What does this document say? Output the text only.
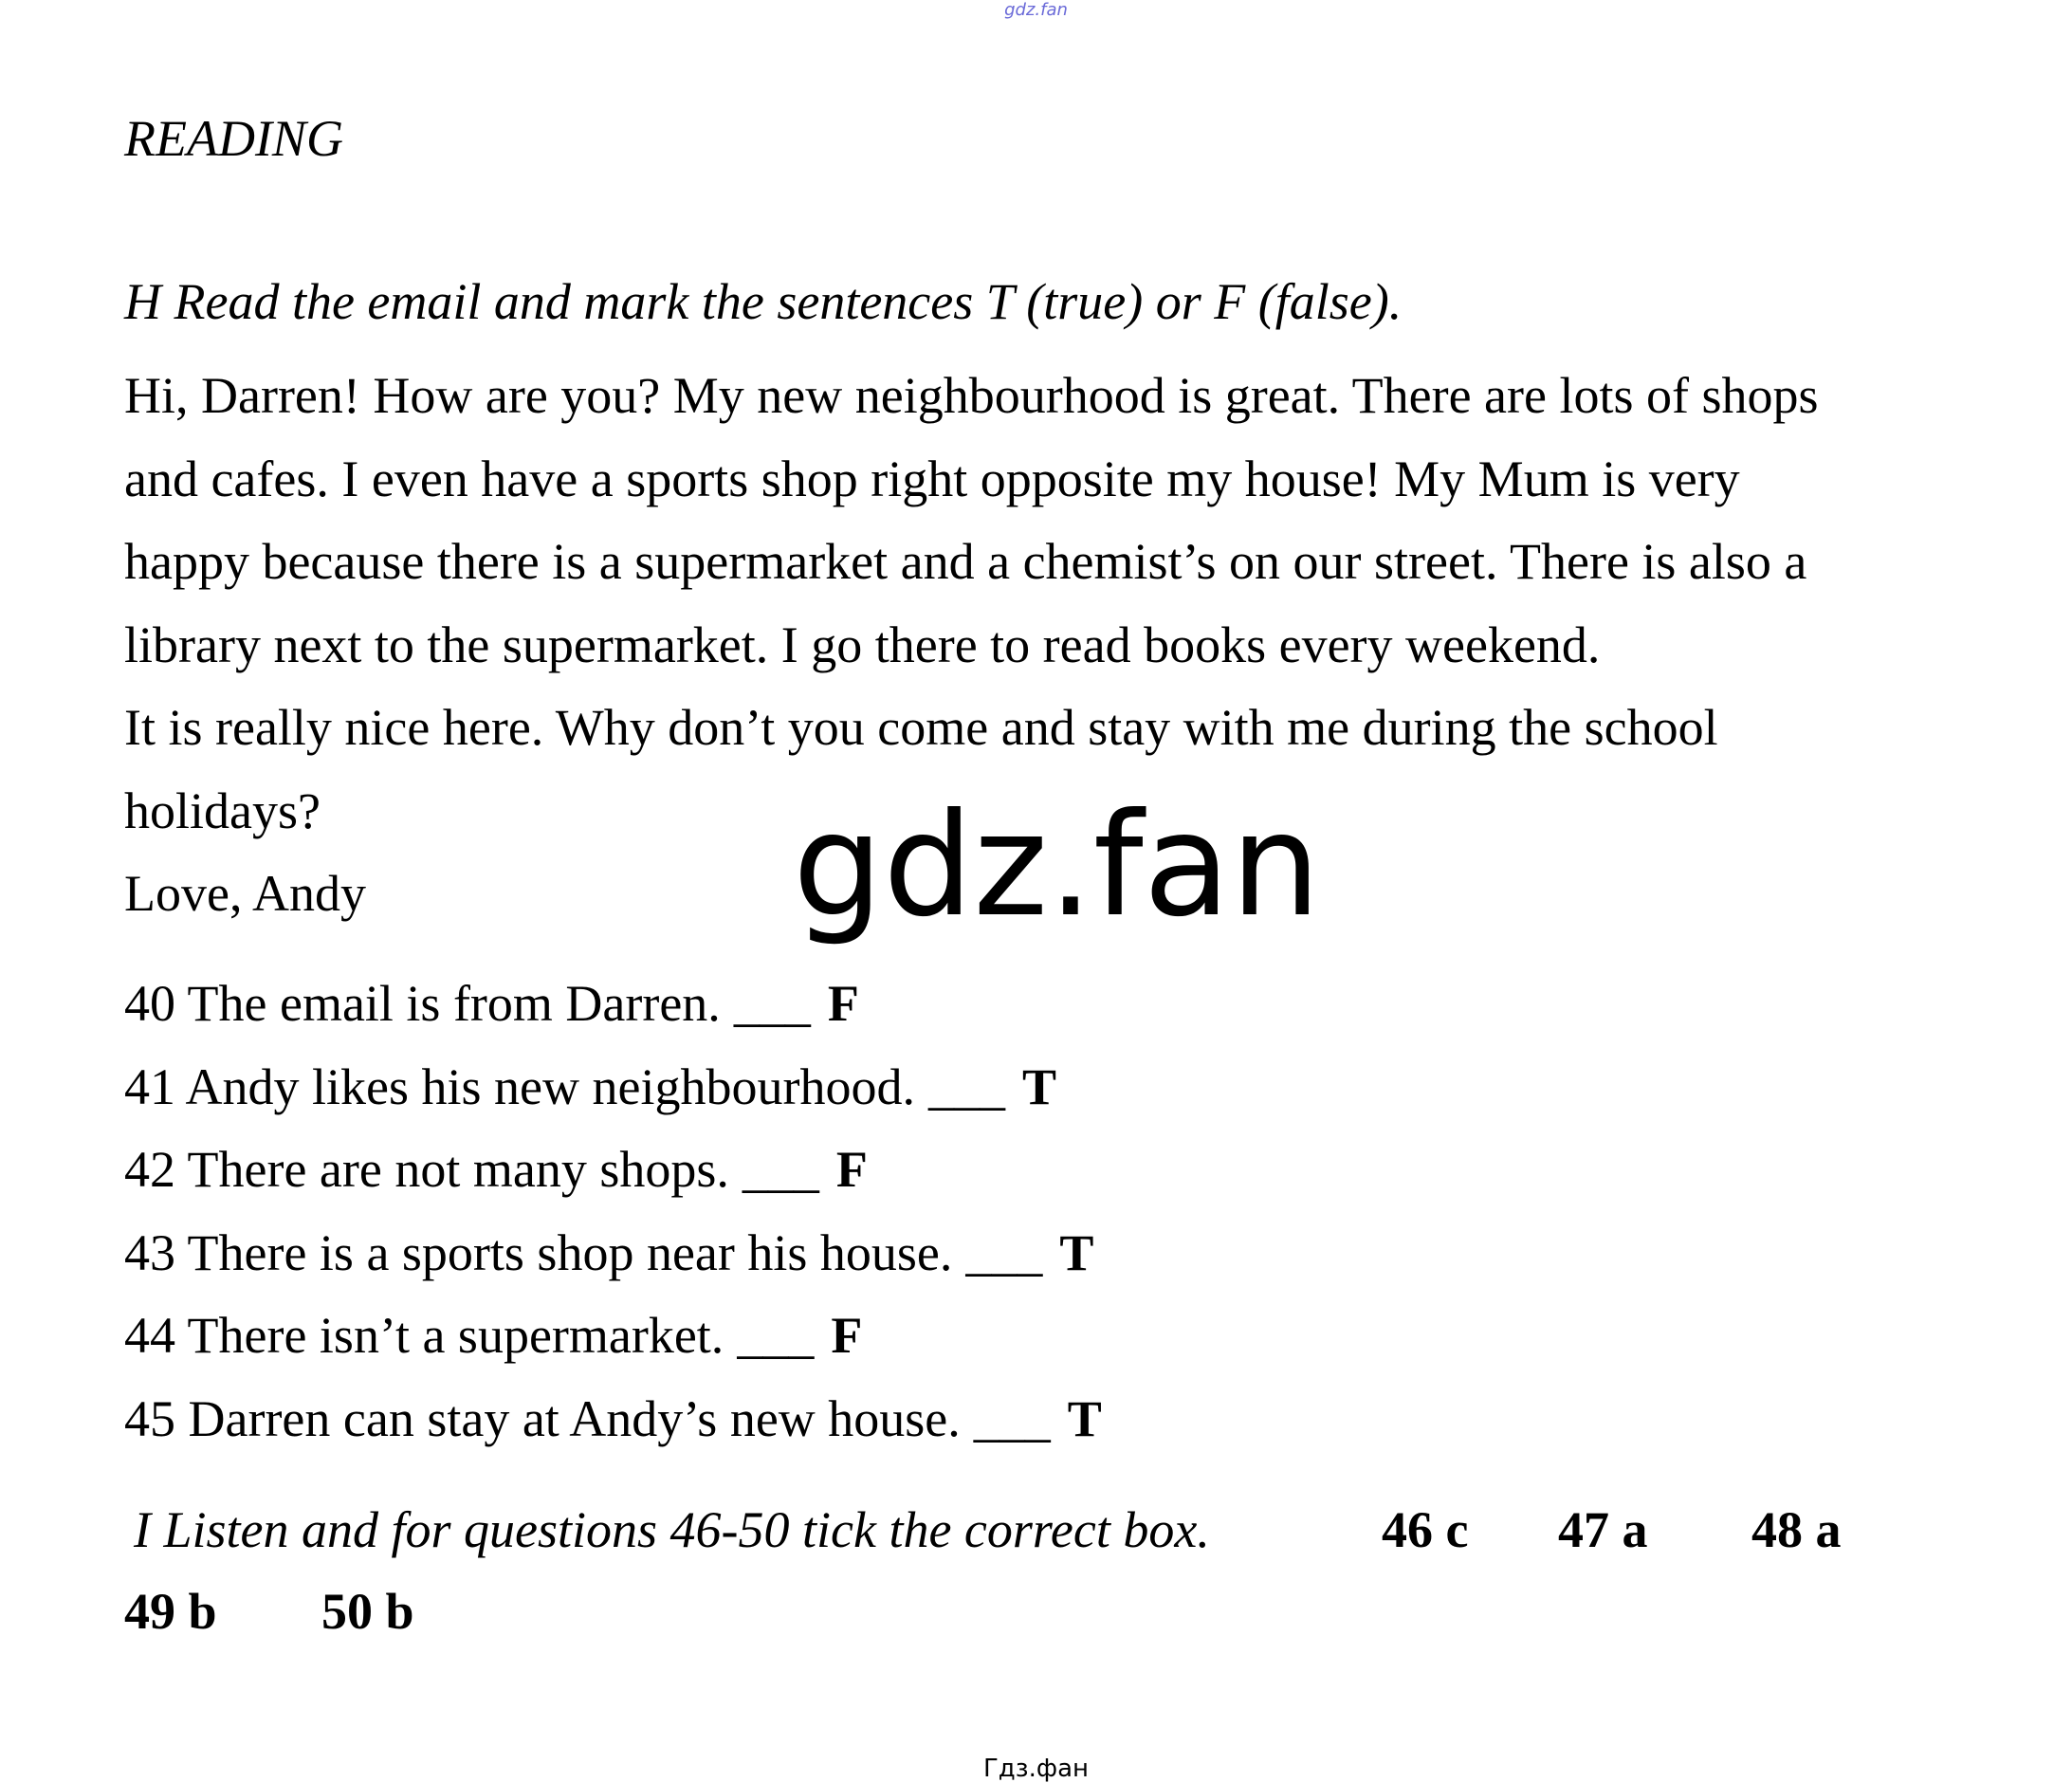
gdz.fan
READING
H Read the email and mark the sentences T (true) or F (false).

Hi, Darren! How are you? My new neighbourhood is great. There are lots of shops

and cafes. I even have a sports shop right opposite my house! My Mum is very

happy because there is a supermarket and a chemist’s on our street. There is also a

library next to the supermarket. I go there to read books every weekend.

It is really nice here. Why don’t you come and stay with me during the school

holidays?

Love, Andy

40 The email is from Darren. ___ F
41 Andy likes his new neighbourhood. ___ T
42 There are not many shops. ___ F
43 There is a sports shop near his house. ___ T
44 There isn’t a supermarket. ___ F
45 Darren can stay at Andy’s new house. ___ T
I Listen and for questions 46-50 tick the correct box.	46 c 47 a 48 a
49 b 50 b
gdz.fan
Гдз.фан
